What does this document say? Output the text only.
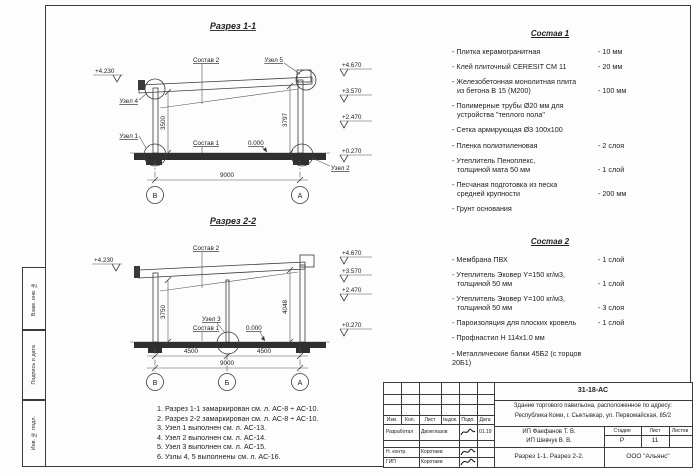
Взам. инв. №
Подпись и дата
Инв. № подл.
Разрез 1-1
Узел 4
Узел 1
Узел 5
Узел 2
Состав 2
Состав 1	0.000
3500	3797
9000
В	А
+4.230
+4.670
+3.570
+2.470
+0.270
Разрез 2-2
Состав 2
Состав 1
Узел 3
0.000
3750	4048
4500	4500
9000
В	Б	А
+4.230
+4.670
+3.570
+2.470
+0.270
Состав 1
- Плитка керамогранитная	- 10 мм
- Клей плиточный CERESIT CM 11	- 20 мм
- Железобетонная монолитная плита
из бетона В 15 (М200)	- 100 мм
- Полимерные трубы Ø20 мм для
устройства "теплого пола"
- Сетка армирующая Ø3 100х100
- Пленка полиэтиленовая	- 2 слоя
- Утеплитель Пеноплекс,
толщиной мата 50 мм	- 1 слой
- Песчаная подготовка из песка
средней крупности	- 200 мм
- Грунт основания
Состав 2
- Мембрана ПВХ	- 1 слой
- Утеплитель Эковер Y=150 кг/м3,
толщиной 50 мм	- 1 слой
- Утеплитель Эковер Y=100 кг/м3,
толщиной 50 мм	- 3 слоя
- Пароизоляция для плоских кровель	- 1 слой
- Профнастил Н 114х1.0 мм
- Металлические балки 45Б2 (с торцов 20Б1)
1. Разрез 1-1 замаркирован см. л. АС-8 ÷ АС-10.
2. Разрез 2-2 замаркирован см. л. АС-8 ÷ АС-10.
3. Узел 1 выполнен см. л. АС-13.
4. Узел 2 выполнен см. л. АС-14.
5. Узел 3 выполнен см. л. АС-15.
6. Узлы 4, 5 выполнены см. л. АС-16.
Изм. Кол. Лист №док. Подп. Дата
Разработал Двоеглазов	01.19
Н. контр.	Коротаев
ГИП	Коротаев
31-18-АС
Здание торгового павильона, расположенное по адресу:
Республика Коми, г. Сыктывкар, ул. Первомайская, 85/2
ИП Фаефанов Т. В.
ИП Шевчук В. В.
Стадия	Лист Листов
Р	11
Разрез 1-1. Разрез 2-2.	ООО "Альянс"
